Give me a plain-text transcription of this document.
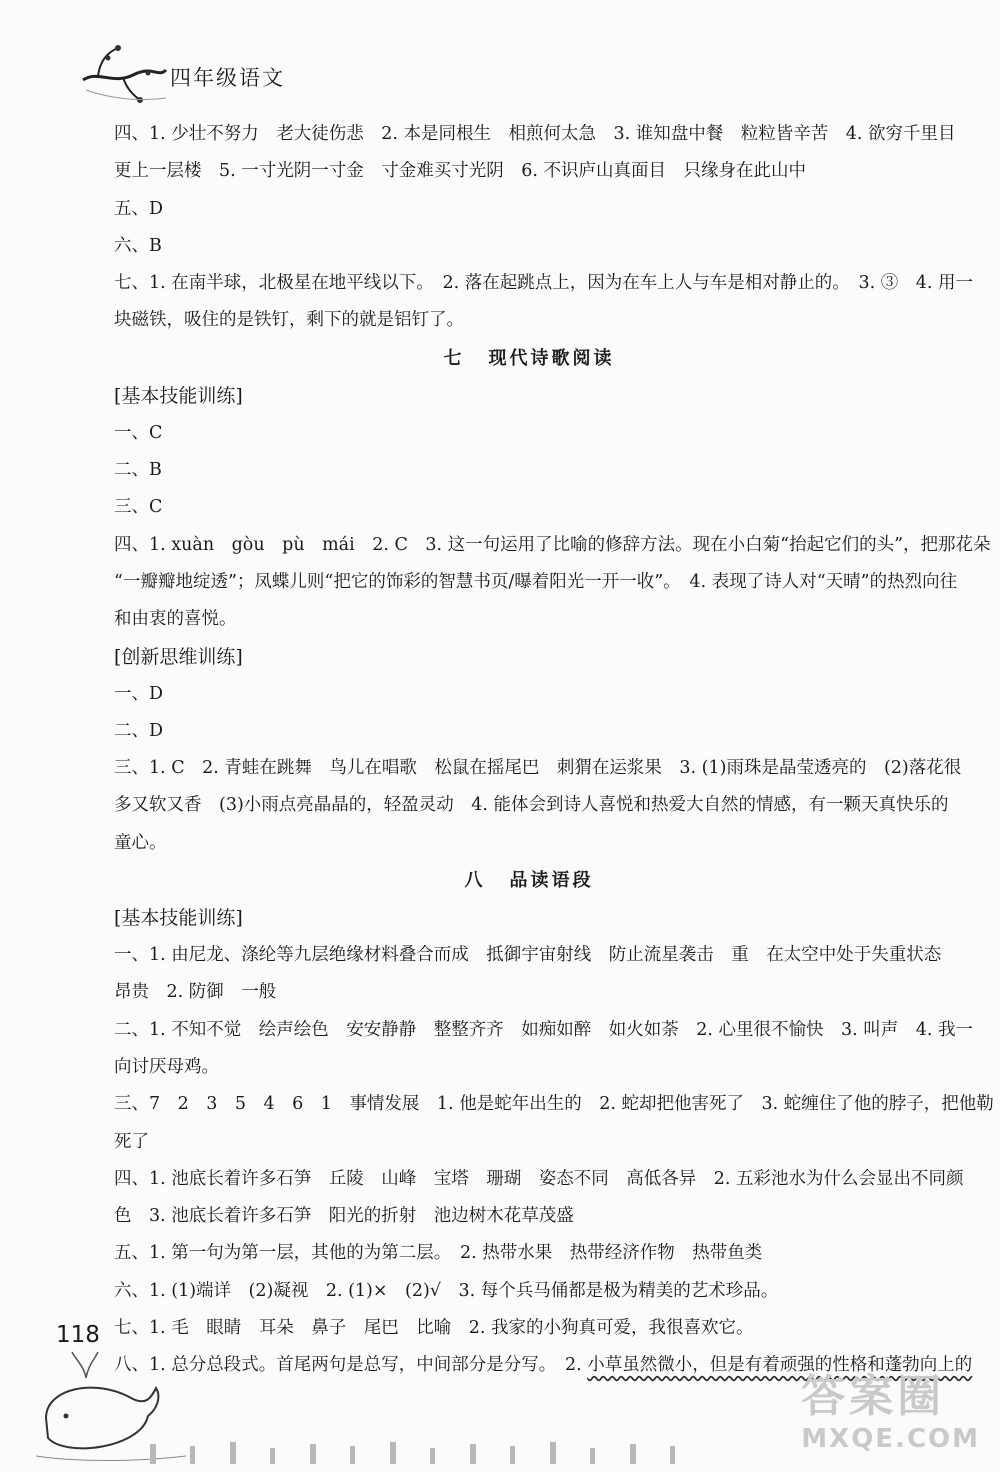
四年级语文
四、1. 少壮不努力　老大徒伤悲　2. 本是同根生　相煎何太急　3. 谁知盘中餐　粒粒皆辛苦　4. 欲穷千里目
更上一层楼　5. 一寸光阴一寸金　寸金难买寸光阴　6. 不识庐山真面目　只缘身在此山中
五、D
六、B
七、1. 在南半球，北极星在地平线以下。　2. 落在起跳点上，因为在车上人与车是相对静止的。　3. ③　4. 用一
块磁铁，吸住的是铁钉，剩下的就是铝钉了。
七 现代诗歌阅读
[基本技能训练]
一、C
二、B
三、C
四、1. xuàn　gòu　pù　mái　2. C　3. 这一句运用了比喻的修辞方法。现在小白菊“抬起它们的头”，把那花朵
“一瓣瓣地绽透”；凤蝶儿则“把它的饰彩的智慧书页/曝着阳光一开一收”。　4. 表现了诗人对“天晴”的热烈向往
和由衷的喜悦。
[创新思维训练]
一、D
二、D
三、1. C　2. 青蛙在跳舞　鸟儿在唱歌　松鼠在摇尾巴　刺猬在运浆果　3. (1)雨珠是晶莹透亮的　(2)落花很
多又软又香　(3)小雨点亮晶晶的，轻盈灵动　4. 能体会到诗人喜悦和热爱大自然的情感，有一颗天真快乐的
童心。
八 品读语段
[基本技能训练]
一、1. 由尼龙、涤纶等九层绝缘材料叠合而成　抵御宇宙射线　防止流星袭击　重　在太空中处于失重状态
昂贵　2. 防御　一般
二、1. 不知不觉　绘声绘色　安安静静　整整齐齐　如痴如醉　如火如荼　2. 心里很不愉快　3. 叫声　4. 我一
向讨厌母鸡。
三、7　2　3　5　4　6　1　事情发展　1. 他是蛇年出生的　2. 蛇却把他害死了　3. 蛇缠住了他的脖子，把他勒
死了
四、1. 池底长着许多石笋　丘陵　山峰　宝塔　珊瑚　姿态不同　高低各异　2. 五彩池水为什么会显出不同颜
色　3. 池底长着许多石笋　阳光的折射　池边树木花草茂盛
五、1. 第一句为第一层，其他的为第二层。　2. 热带水果　热带经济作物　热带鱼类
六、1. (1)端详　(2)凝视　2. (1)×　(2)√　3. 每个兵马俑都是极为精美的艺术珍品。
七、1. 毛　眼睛　耳朵　鼻子　尾巴　比喻　2. 我家的小狗真可爱，我很喜欢它。
八、1. 总分总段式。首尾两句是总写，中间部分是分写。　2. 小草虽然微小，但是有着顽强的性格和蓬勃向上的
118
答案圈
MXQE.COM
